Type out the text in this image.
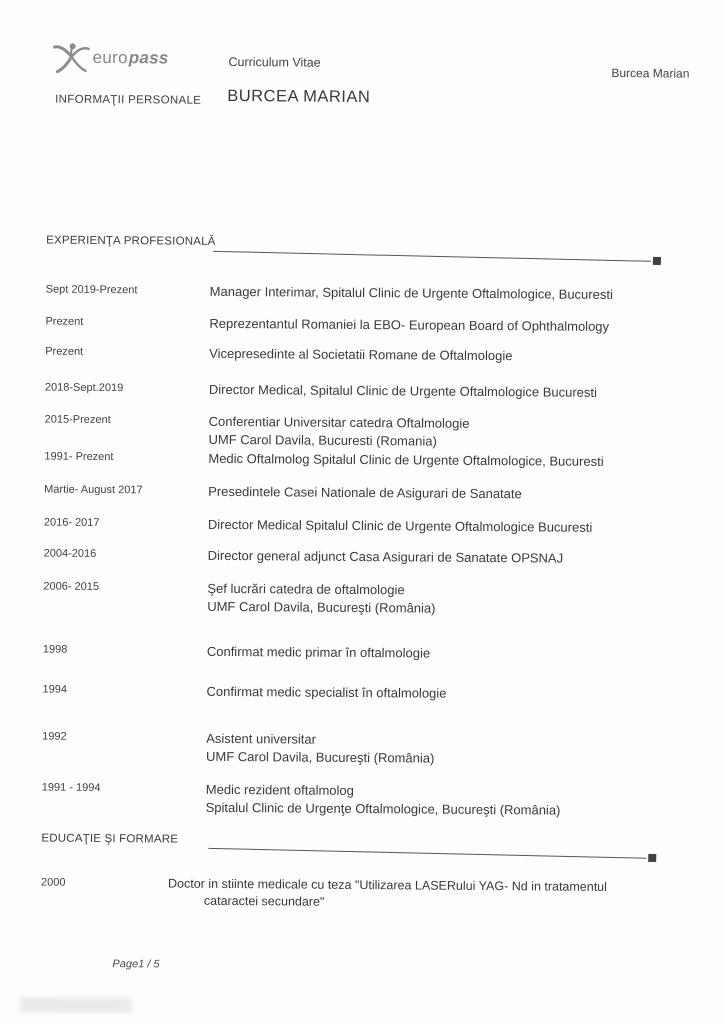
euro pass	Curriculum Vitae
Burcea Marian
INFORMAŢII PERSONALE BURCEA MARIAN
EXPERIENŢA PROFESIONALĂ
Sept 2019-Prezent	Manager Interimar, Spitalul Clinic de Urgente Oftalmologice, Bucuresti
Prezent	Reprezentantul Romaniei la EBO- European Board of Ophthalmology
Prezent	Vicepresedinte al Societatii Romane de Oftalmologie
2018-Sept.2019	Director Medical, Spitalul Clinic de Urgente Oftalmologice Bucuresti
2015-Prezent	Conferentiar Universitar catedra Oftalmologie
UMF Carol Davila, Bucuresti (Romania)
1991- Prezent	Medic Oftalmolog Spitalul Clinic de Urgente Oftalmologice, Bucuresti
Martie- August 2017	Presedintele Casei Nationale de Asigurari de Sanatate
2016- 2017	Director Medical Spitalul Clinic de Urgente Oftalmologice Bucuresti
2004-2016	Director general adjunct Casa Asigurari de Sanatate OPSNAJ
2006- 2015	Şef lucrări catedra de oftalmologie
UMF Carol Davila, Bucureşti (România)
1998	Confirmat medic primar în oftalmologie
1994	Confirmat medic specialist în oftalmologie
1992	Asistent universitar
UMF Carol Davila, Bucureşti (România)
1991 - 1994	Medic rezident oftalmolog
Spitalul Clinic de Urgenţe Oftalmologice, Bucureşti (România)
EDUCAŢIE ŞI FORMARE
2000	Doctor in stiinte medicale cu teza "Utilizarea LASERului YAG- Nd in tratamentul
cataractei secundare"
Page1 / 5
